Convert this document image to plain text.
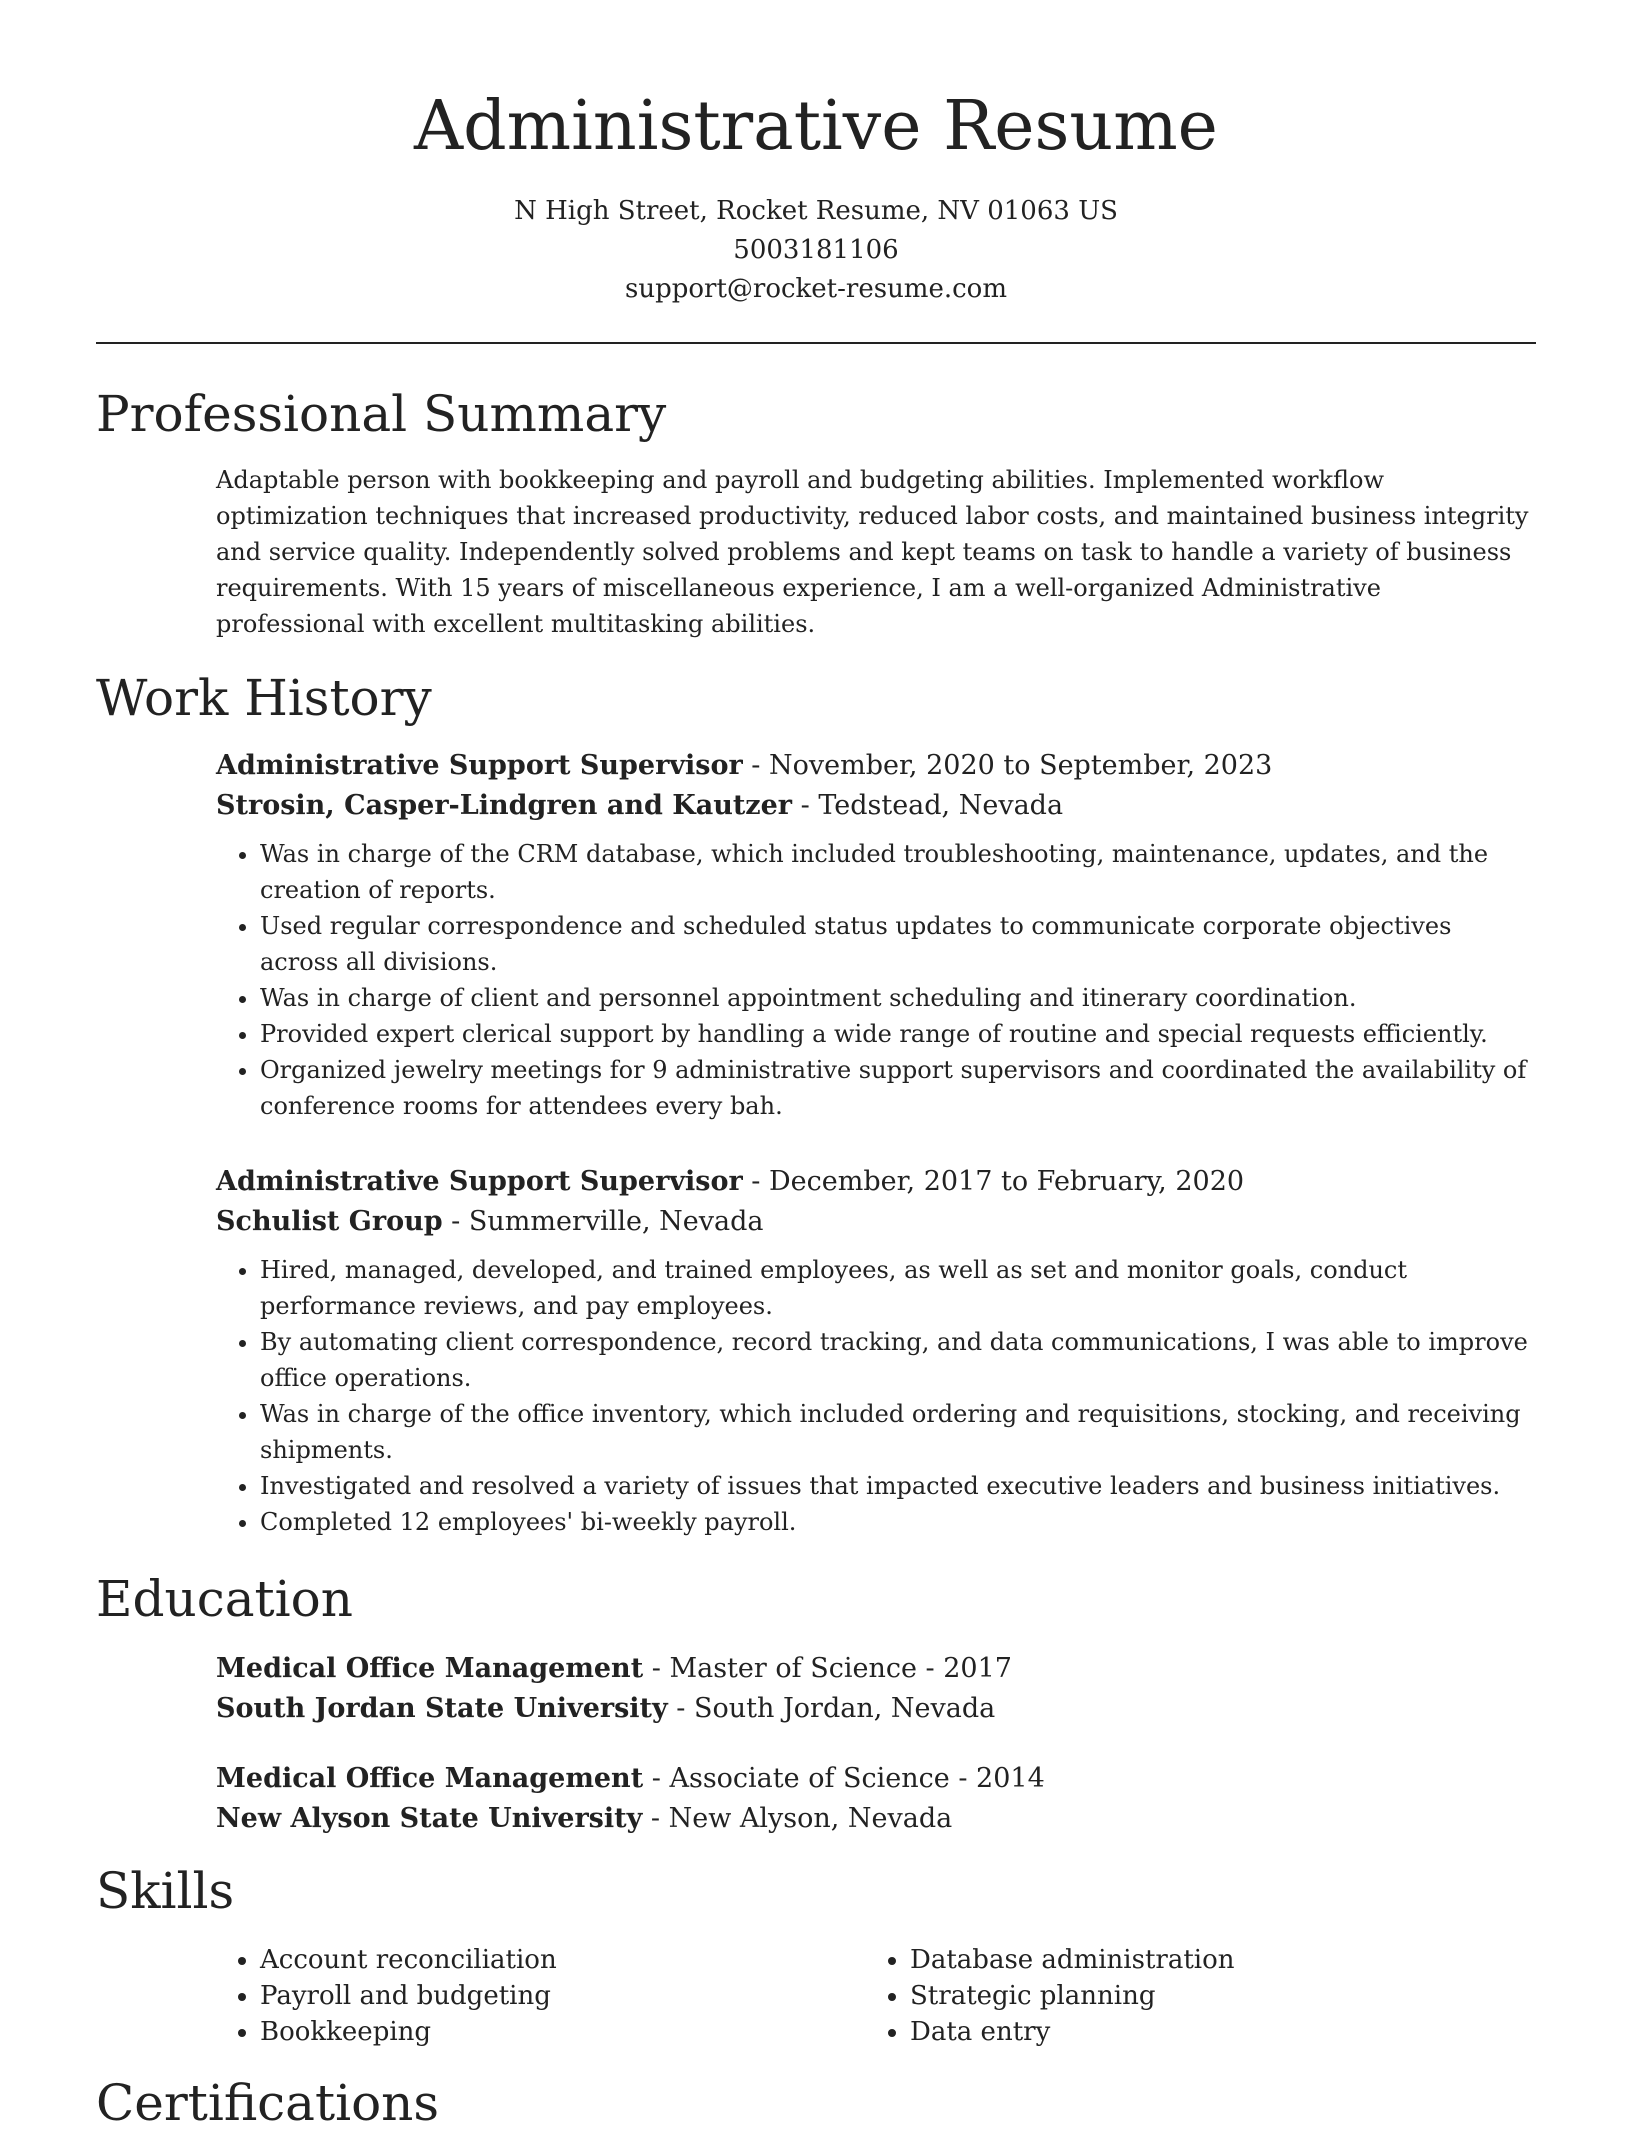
Administrative Resume
N High Street, Rocket Resume, NV 01063 US
5003181106
support@rocket-resume.com
Professional Summary

Adaptable person with bookkeeping and payroll and budgeting abilities. Implemented workflow optimization techniques that increased productivity, reduced labor costs, and maintained business integrity and service quality. Independently solved problems and kept teams on task to handle a variety of business requirements. With 15 years of miscellaneous experience, I am a well-organized Administrative professional with excellent multitasking abilities.

Work History

Administrative Support Supervisor - November, 2020 to September, 2023

Strosin, Casper-Lindgren and Kautzer - Tedstead, Nevada

• Was in charge of the CRM database, which included troubleshooting, maintenance, updates, and the creation of reports.
• Used regular correspondence and scheduled status updates to communicate corporate objectives across all divisions.
• Was in charge of client and personnel appointment scheduling and itinerary coordination.
• Provided expert clerical support by handling a wide range of routine and special requests efficiently.
• Organized jewelry meetings for 9 administrative support supervisors and coordinated the availability of conference rooms for attendees every bah.

Administrative Support Supervisor - December, 2017 to February, 2020

Schulist Group - Summerville, Nevada

• Hired, managed, developed, and trained employees, as well as set and monitor goals, conduct performance reviews, and pay employees.
• By automating client correspondence, record tracking, and data communications, I was able to improve office operations.
• Was in charge of the office inventory, which included ordering and requisitions, stocking, and receiving shipments.
• Investigated and resolved a variety of issues that impacted executive leaders and business initiatives.
• Completed 12 employees' bi-weekly payroll.
Education

Medical Office Management - Master of Science - 2017

South Jordan State University - South Jordan, Nevada

Medical Office Management - Associate of Science - 2014

New Alyson State University - New Alyson, Nevada

Skills
• Account reconciliation
• Payroll and budgeting
• Bookkeeping
• Database administration
• Strategic planning
• Data entry
Certifications
